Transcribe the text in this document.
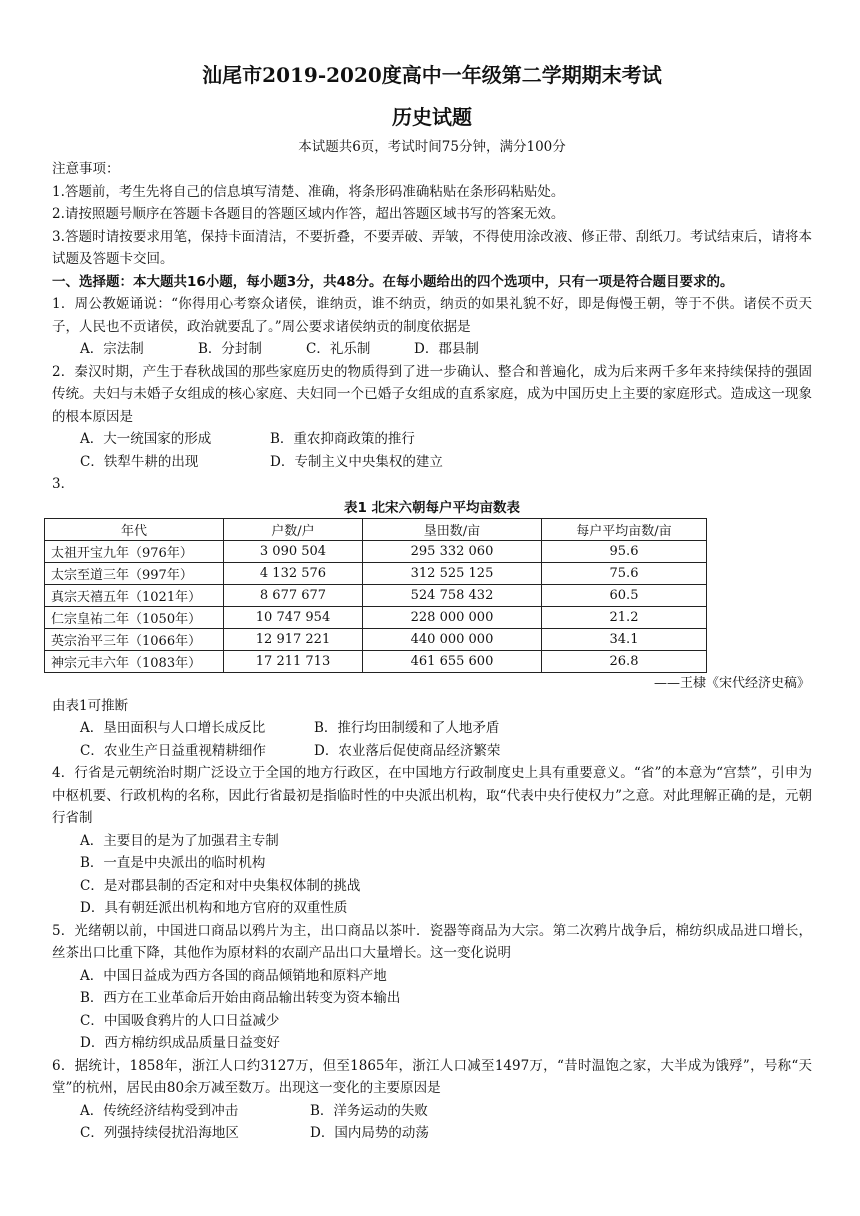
汕尾市2019-2020度高中一年级第二学期期末考试
历史试题
本试题共6页，考试时间75分钟，满分100分
注意事项：
1.答题前，考生先将自己的信息填写清楚、准确，将条形码准确粘贴在条形码粘贴处。
2.请按照题号顺序在答题卡各题目的答题区域内作答，超出答题区域书写的答案无效。
3.答题时请按要求用笔，保持卡面清洁，不要折叠，不要弄破、弄皱，不得使用涂改液、修正带、刮纸刀。考试结束后，请将本试题及答题卡交回。
一、选择题：本大题共16小题，每小题3分，共48分。在每小题给出的四个选项中，只有一项是符合题目要求的。
1．周公教姬诵说：“你得用心考察众诸侯，谁纳贡，谁不纳贡，纳贡的如果礼貌不好，即是侮慢王朝，等于不供。诸侯不贡天子，人民也不贡诸侯，政治就要乱了。”周公要求诸侯纳贡的制度依据是
A．宗法制	B．分封制	C．礼乐制	D．郡县制
2．秦汉时期，产生于春秋战国的那些家庭历史的物质得到了进一步确认、整合和普遍化，成为后来两千多年来持续保持的强固传统。夫妇与未婚子女组成的核心家庭、夫妇同一个已婚子女组成的直系家庭，成为中国历史上主要的家庭形式。造成这一现象的根本原因是
A．大一统国家的形成	B．重农抑商政策的推行
C．铁犁牛耕的出现	D．专制主义中央集权的建立
3．
表1 北宋六朝每户平均亩数表
年代	户数/户	垦田数/亩	每户平均亩数/亩
太祖开宝九年（976年）	3 090 504	295 332 060	95.6
太宗至道三年（997年）	4 132 576	312 525 125	75.6
真宗天禧五年（1021年）	8 677 677	524 758 432	60.5
仁宗皇祐二年（1050年）	10 747 954	228 000 000	21.2
英宗治平三年（1066年）	12 917 221	440 000 000	34.1
神宗元丰六年（1083年）	17 211 713	461 655 600	26.8
——王棣《宋代经济史稿》
由表1可推断
A．垦田面积与人口增长成反比	B．推行均田制缓和了人地矛盾
C．农业生产日益重视精耕细作	D．农业落后促使商品经济繁荣
4．行省是元朝统治时期广泛设立于全国的地方行政区，在中国地方行政制度史上具有重要意义。“省”的本意为“宫禁”，引申为中枢机要、行政机构的名称，因此行省最初是指临时性的中央派出机构，取“代表中央行使权力”之意。对此理解正确的是，元朝行省制
A．主要目的是为了加强君主专制
B．一直是中央派出的临时机构
C．是对郡县制的否定和对中央集权体制的挑战
D．具有朝廷派出机构和地方官府的双重性质
5．光绪朝以前，中国进口商品以鸦片为主，出口商品以茶叶．瓷器等商品为大宗。第二次鸦片战争后，棉纺织成品进口增长，丝茶出口比重下降，其他作为原材料的农副产品出口大量增长。这一变化说明
A．中国日益成为西方各国的商品倾销地和原料产地
B．西方在工业革命后开始由商品输出转变为资本输出
C．中国吸食鸦片的人口日益减少
D．西方棉纺织成品质量日益变好
6．据统计，1858年，浙江人口约3127万，但至1865年，浙江人口减至1497万，“昔时温饱之家，大半成为饿殍”，号称“天堂”的杭州，居民由80余万减至数万。出现这一变化的主要原因是
A．传统经济结构受到冲击	B．洋务运动的失败
C．列强持续侵扰沿海地区	D．国内局势的动荡
